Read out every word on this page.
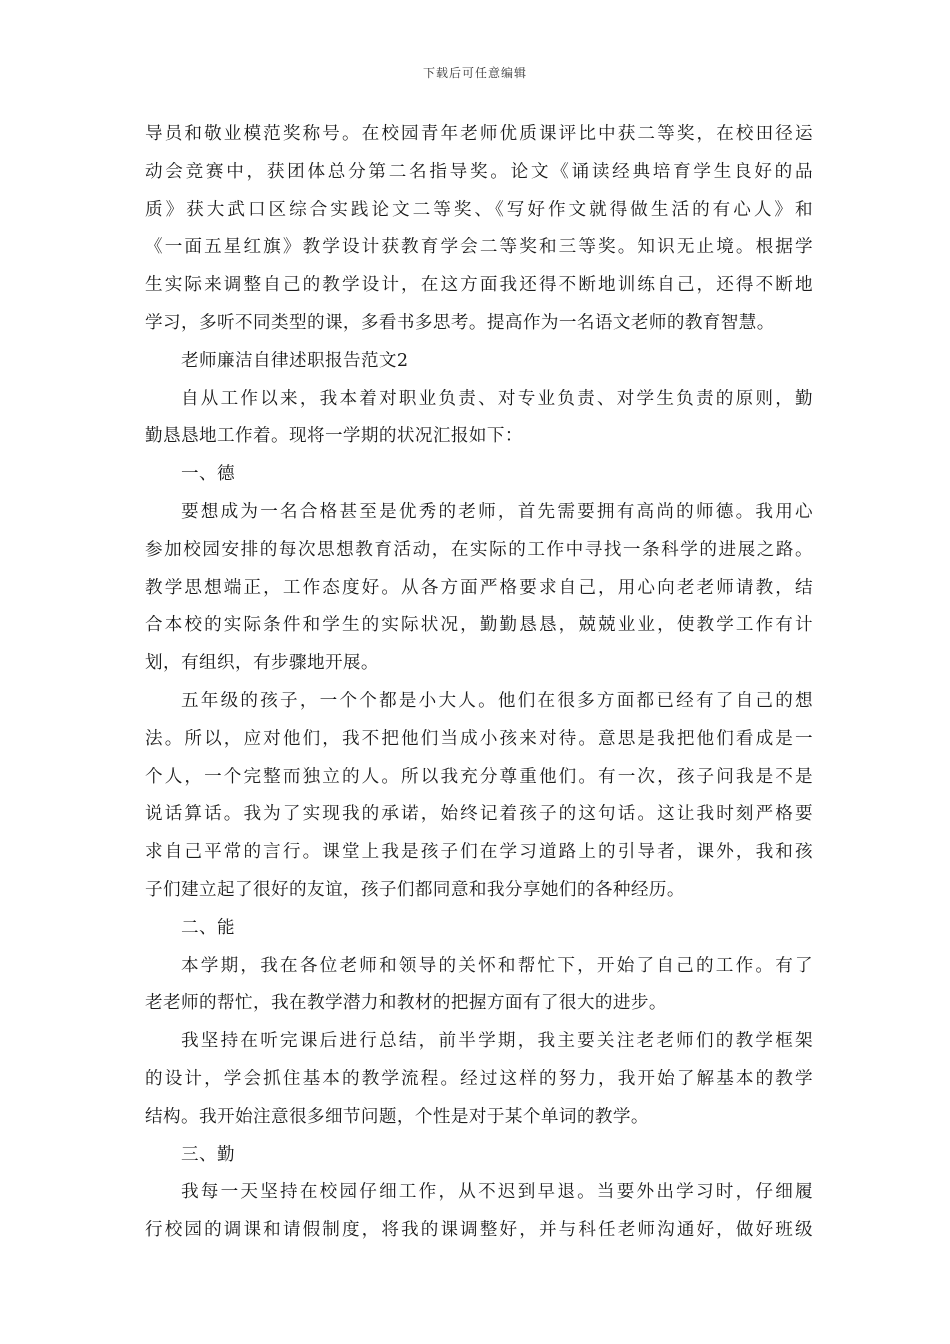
下载后可任意编辑
导员和敬业模范奖称号。在校园青年老师优质课评比中获二等奖，在校田径运
动会竞赛中，获团体总分第二名指导奖。论文《诵读经典培育学生良好的品
质》获大武口区综合实践论文二等奖、《写好作文就得做生活的有心人》和
《一面五星红旗》教学设计获教育学会二等奖和三等奖。知识无止境。根据学
生实际来调整自己的教学设计，在这方面我还得不断地训练自己，还得不断地
学习，多听不同类型的课，多看书多思考。提高作为一名语文老师的教育智慧。
老师廉洁自律述职报告范文2
自从工作以来，我本着对职业负责、对专业负责、对学生负责的原则，勤
勤恳恳地工作着。现将一学期的状况汇报如下：
一、德
要想成为一名合格甚至是优秀的老师，首先需要拥有高尚的师德。我用心
参加校园安排的每次思想教育活动，在实际的工作中寻找一条科学的进展之路。
教学思想端正，工作态度好。从各方面严格要求自己，用心向老老师请教，结
合本校的实际条件和学生的实际状况，勤勤恳恳，兢兢业业，使教学工作有计
划，有组织，有步骤地开展。
五年级的孩子，一个个都是小大人。他们在很多方面都已经有了自己的想
法。所以，应对他们，我不把他们当成小孩来对待。意思是我把他们看成是一
个人，一个完整而独立的人。所以我充分尊重他们。有一次，孩子问我是不是
说话算话。我为了实现我的承诺，始终记着孩子的这句话。这让我时刻严格要
求自己平常的言行。课堂上我是孩子们在学习道路上的引导者，课外，我和孩
子们建立起了很好的友谊，孩子们都同意和我分享她们的各种经历。
二、能
本学期，我在各位老师和领导的关怀和帮忙下，开始了自己的工作。有了
老老师的帮忙，我在教学潜力和教材的把握方面有了很大的进步。
我坚持在听完课后进行总结，前半学期，我主要关注老老师们的教学框架
的设计，学会抓住基本的教学流程。经过这样的努力，我开始了解基本的教学
结构。我开始注意很多细节问题，个性是对于某个单词的教学。
三、勤
我每一天坚持在校园仔细工作，从不迟到早退。当要外出学习时，仔细履
行校园的调课和请假制度，将我的课调整好，并与科任老师沟通好，做好班级
